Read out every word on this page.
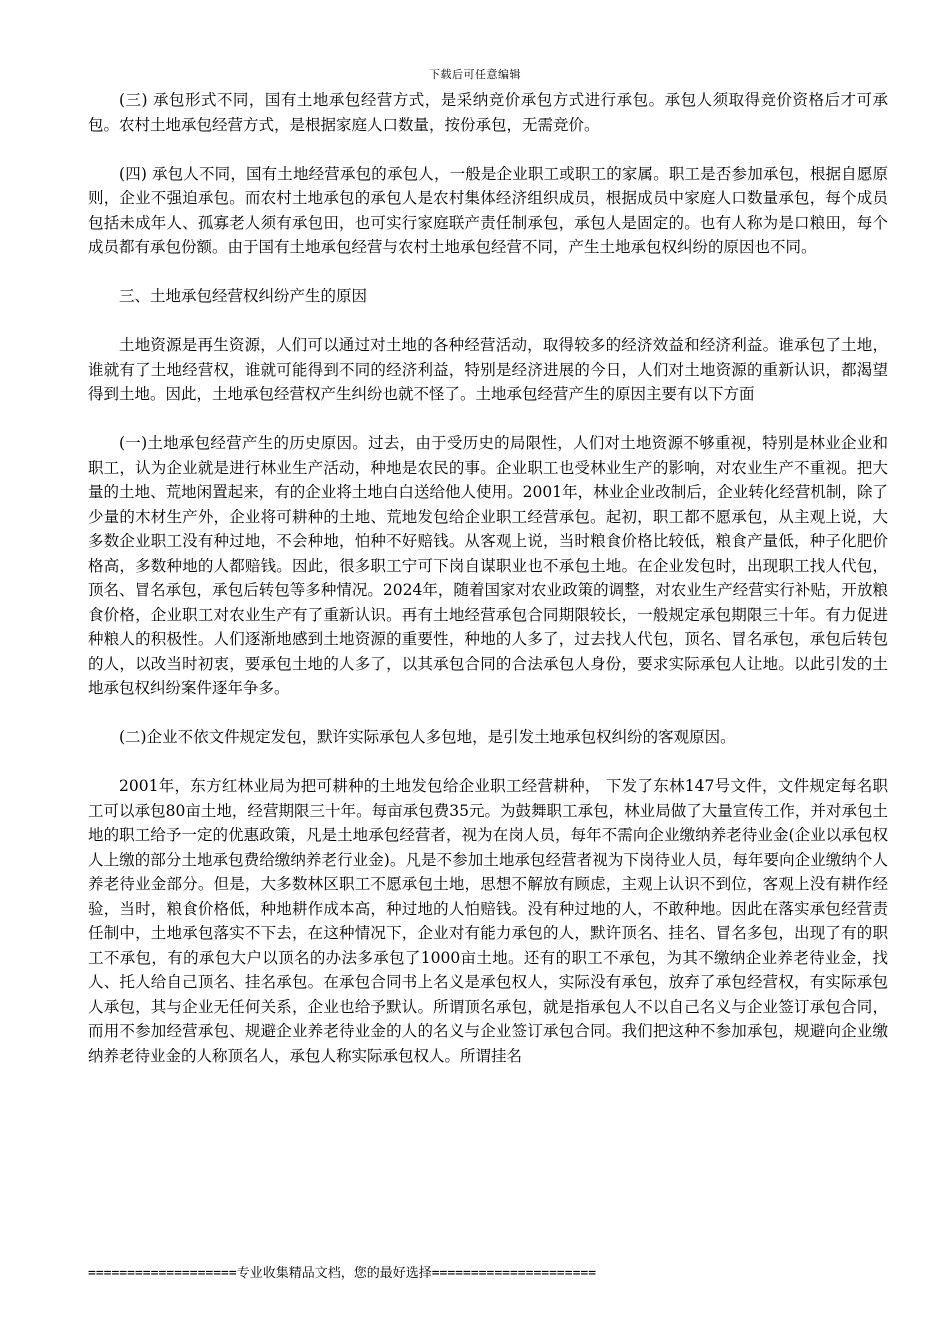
下载后可任意编辑

(三) 承包形式不同，国有土地承包经营方式，是采纳竞价承包方式进行承包。承包人须取得竞价资格后才可承包。农村土地承包经营方式，是根据家庭人口数量，按份承包，无需竞价。

(四) 承包人不同，国有土地经营承包的承包人，一般是企业职工或职工的家属。职工是否参加承包，根据自愿原则，企业不强迫承包。而农村土地承包的承包人是农村集体经济组织成员，根据成员中家庭人口数量承包，每个成员包括未成年人、孤寡老人须有承包田，也可实行家庭联产责任制承包，承包人是固定的。也有人称为是口粮田，每个成员都有承包份额。由于国有土地承包经营与农村土地承包经营不同，产生土地承包权纠纷的原因也不同。

三、土地承包经营权纠纷产生的原因

土地资源是再生资源，人们可以通过对土地的各种经营活动，取得较多的经济效益和经济利益。谁承包了土地，谁就有了土地经营权，谁就可能得到不同的经济利益，特别是经济进展的今日，人们对土地资源的重新认识，都渴望得到土地。因此，土地承包经营权产生纠纷也就不怪了。土地承包经营产生的原因主要有以下方面

(一)土地承包经营产生的历史原因。过去，由于受历史的局限性，人们对土地资源不够重视，特别是林业企业和职工，认为企业就是进行林业生产活动，种地是农民的事。企业职工也受林业生产的影响，对农业生产不重视。把大量的土地、荒地闲置起来，有的企业将土地白白送给他人使用。2001年，林业企业改制后，企业转化经营机制，除了少量的木材生产外，企业将可耕种的土地、荒地发包给企业职工经营承包。起初，职工都不愿承包，从主观上说，大多数企业职工没有种过地，不会种地，怕种不好赔钱。从客观上说，当时粮食价格比较低，粮食产量低，种子化肥价格高，多数种地的人都赔钱。因此，很多职工宁可下岗自谋职业也不承包土地。在企业发包时，出现职工找人代包，顶名、冒名承包，承包后转包等多种情况。2024年，随着国家对农业政策的调整，对农业生产经营实行补贴，开放粮食价格，企业职工对农业生产有了重新认识。再有土地经营承包合同期限较长，一般规定承包期限三十年。有力促进种粮人的积极性。人们逐渐地感到土地资源的重要性，种地的人多了，过去找人代包，顶名、冒名承包，承包后转包的人，以改当时初衷，要承包土地的人多了，以其承包合同的合法承包人身份，要求实际承包人让地。以此引发的土地承包权纠纷案件逐年争多。

(二)企业不依文件规定发包，默许实际承包人多包地，是引发土地承包权纠纷的客观原因。

2001年，东方红林业局为把可耕种的土地发包给企业职工经营耕种， 下发了东林147号文件，文件规定每名职工可以承包80亩土地，经营期限三十年。每亩承包费35元。为鼓舞职工承包，林业局做了大量宣传工作，并对承包土地的职工给予一定的优惠政策，凡是土地承包经营者，视为在岗人员，每年不需向企业缴纳养老待业金(企业以承包权人上缴的部分土地承包费给缴纳养老行业金)。凡是不参加土地承包经营者视为下岗待业人员，每年要向企业缴纳个人养老待业金部分。但是，大多数林区职工不愿承包土地，思想不解放有顾虑，主观上认识不到位，客观上没有耕作经验，当时，粮食价格低，种地耕作成本高，种过地的人怕赔钱。没有种过地的人，不敢种地。因此在落实承包经营责任制中，土地承包落实不下去，在这种情况下，企业对有能力承包的人，默许顶名、挂名、冒名多包，出现了有的职工不承包，有的承包大户以顶名的办法多承包了1000亩土地。还有的职工不承包，为其不缴纳企业养老待业金，找人、托人给自己顶名、挂名承包。在承包合同书上名义是承包权人，实际没有承包，放弃了承包经营权，有实际承包人承包，其与企业无任何关系，企业也给予默认。所谓顶名承包，就是指承包人不以自己名义与企业签订承包合同，而用不参加经营承包、规避企业养老待业金的人的名义与企业签订承包合同。我们把这种不参加承包，规避向企业缴纳养老待业金的人称顶名人，承包人称实际承包权人。所谓挂名

===================专业收集精品文档，您的最好选择=====================
